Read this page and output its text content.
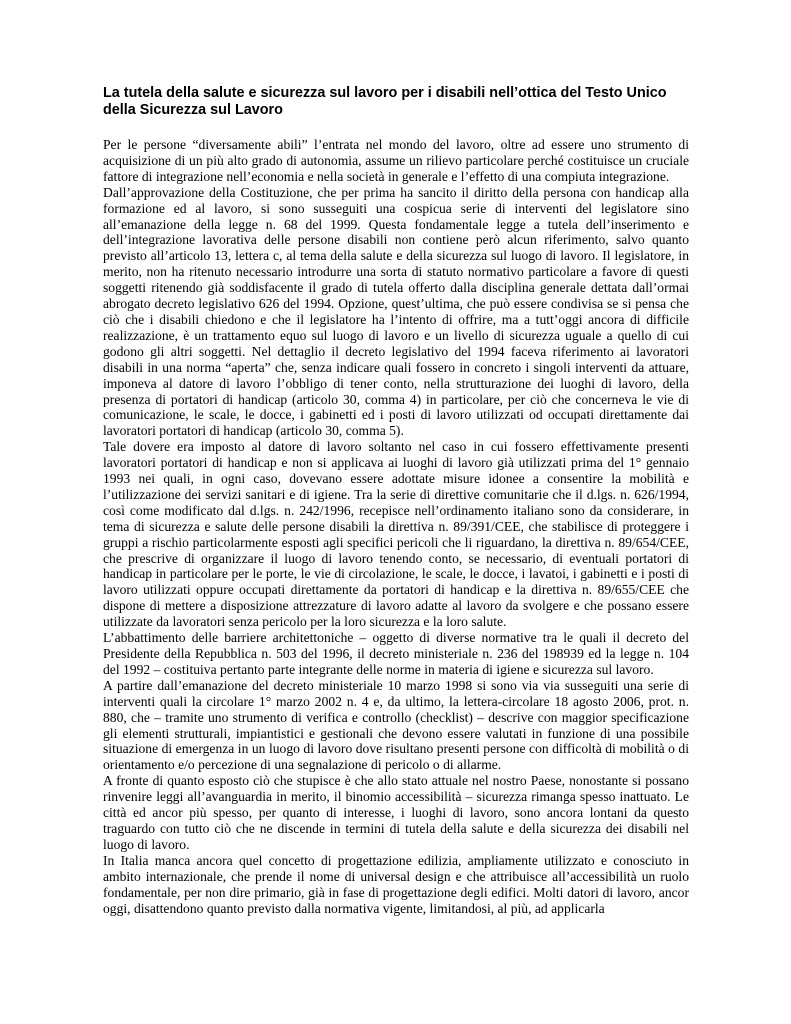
La tutela della salute e sicurezza sul lavoro per i disabili nell’ottica del Testo Unico della Sicurezza sul Lavoro

Per le persone “diversamente abili” l’entrata nel mondo del lavoro, oltre ad essere uno strumento di acquisizione di un più alto grado di autonomia, assume un rilievo particolare perché costituisce un cruciale fattore di integrazione nell’economia e nella società in generale e l’effetto di una compiuta integrazione.

Dall’approvazione della Costituzione, che per prima ha sancito il diritto della persona con handicap alla formazione ed al lavoro, si sono susseguiti una cospicua serie di interventi del legislatore sino all’emanazione della legge n. 68 del 1999. Questa fondamentale legge a tutela dell’inserimento e dell’integrazione lavorativa delle persone disabili non contiene però alcun riferimento, salvo quanto previsto all’articolo 13, lettera c, al tema della salute e della sicurezza sul luogo di lavoro. Il legislatore, in merito, non ha ritenuto necessario introdurre una sorta di statuto normativo particolare a favore di questi soggetti ritenendo già soddisfacente il grado di tutela offerto dalla disciplina generale dettata dall’ormai abrogato decreto legislativo 626 del 1994. Opzione, quest’ultima, che può essere condivisa se si pensa che ciò che i disabili chiedono e che il legislatore ha l’intento di offrire, ma a tutt’oggi ancora di difficile realizzazione, è un trattamento equo sul luogo di lavoro e un livello di sicurezza uguale a quello di cui godono gli altri soggetti. Nel dettaglio il decreto legislativo del 1994 faceva riferimento ai lavoratori disabili in una norma “aperta” che, senza indicare quali fossero in concreto i singoli interventi da attuare, imponeva al datore di lavoro l’obbligo di tener conto, nella strutturazione dei luoghi di lavoro, della presenza di portatori di handicap (articolo 30, comma 4) in particolare, per ciò che concerneva le vie di comunicazione, le scale, le docce, i gabinetti ed i posti di lavoro utilizzati od occupati direttamente dai lavoratori portatori di handicap (articolo 30, comma 5).

Tale dovere era imposto al datore di lavoro soltanto nel caso in cui fossero effettivamente presenti lavoratori portatori di handicap e non si applicava ai luoghi di lavoro già utilizzati prima del 1° gennaio 1993 nei quali, in ogni caso, dovevano essere adottate misure idonee a consentire la mobilità e l’utilizzazione dei servizi sanitari e di igiene. Tra la serie di direttive comunitarie che il d.lgs. n. 626/1994, così come modificato dal d.lgs. n. 242/1996, recepisce nell’ordinamento italiano sono da considerare, in tema di sicurezza e salute delle persone disabili la direttiva n. 89/391/CEE, che stabilisce di proteggere i gruppi a rischio particolarmente esposti agli specifici pericoli che li riguardano, la direttiva n. 89/654/CEE, che prescrive di organizzare il luogo di lavoro tenendo conto, se necessario, di eventuali portatori di handicap in particolare per le porte, le vie di circolazione, le scale, le docce, i lavatoi, i gabinetti e i posti di lavoro utilizzati oppure occupati direttamente da portatori di handicap e la direttiva n. 89/655/CEE che dispone di mettere a disposizione attrezzature di lavoro adatte al lavoro da svolgere e che possano essere utilizzate da lavoratori senza pericolo per la loro sicurezza e la loro salute.

L’abbattimento delle barriere architettoniche – oggetto di diverse normative tra le quali il decreto del Presidente della Repubblica n. 503 del 1996, il decreto ministeriale n. 236 del 198939 ed la legge n. 104 del 1992 – costituiva pertanto parte integrante delle norme in materia di igiene e sicurezza sul lavoro.

A partire dall’emanazione del decreto ministeriale 10 marzo 1998 si sono via via susseguiti una serie di interventi quali la circolare 1° marzo 2002 n. 4 e, da ultimo, la lettera-circolare 18 agosto 2006, prot. n. 880, che – tramite uno strumento di verifica e controllo (checklist) – descrive con maggior specificazione gli elementi strutturali, impiantistici e gestionali che devono essere valutati in funzione di una possibile situazione di emergenza in un luogo di lavoro dove risultano presenti persone con difficoltà di mobilità o di orientamento e/o percezione di una segnalazione di pericolo o di allarme.

A fronte di quanto esposto ciò che stupisce è che allo stato attuale nel nostro Paese, nonostante si possano rinvenire leggi all’avanguardia in merito, il binomio accessibilità – sicurezza rimanga spesso inattuato. Le città ed ancor più spesso, per quanto di interesse, i luoghi di lavoro, sono ancora lontani da questo traguardo con tutto ciò che ne discende in termini di tutela della salute e della sicurezza dei disabili nel luogo di lavoro.

In Italia manca ancora quel concetto di progettazione edilizia, ampliamente utilizzato e conosciuto in ambito internazionale, che prende il nome di universal design e che attribuisce all’accessibilità un ruolo fondamentale, per non dire primario, già in fase di progettazione degli edifici. Molti datori di lavoro, ancor oggi, disattendono quanto previsto dalla normativa vigente, limitandosi, al più, ad applicarla
